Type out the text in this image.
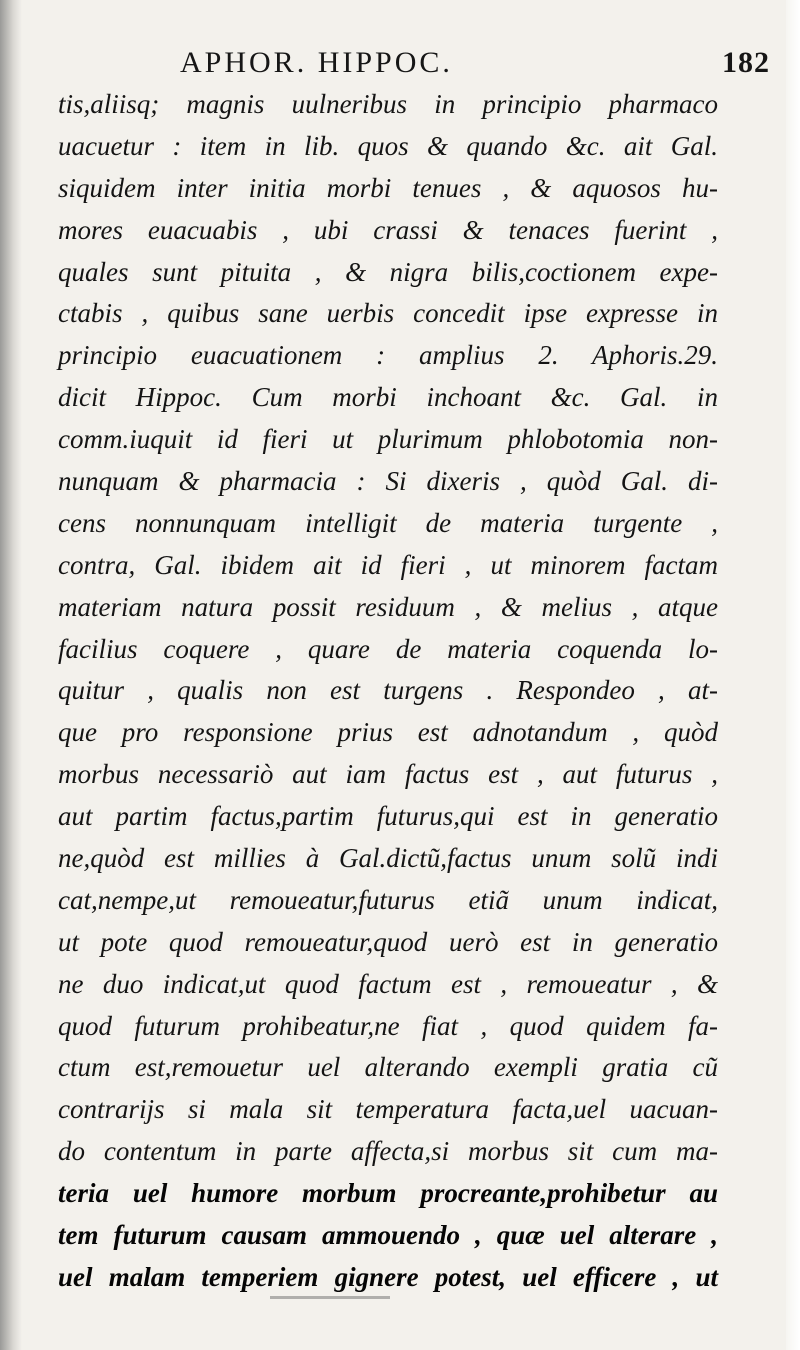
APHOR. HIPPOC.	182
tis,aliisq; magnis uulneribus in principio pharmaco
uacuetur : item in lib. quos & quando &c. ait Gal.
siquidem inter initia morbi tenues , & aquosos hu-
mores euacuabis , ubi crassi & tenaces fuerint ,
quales sunt pituita , & nigra bilis,coctionem expe-
ctabis , quibus sane uerbis concedit ipse expresse in
principio euacuationem : amplius 2. Aphoris.29.
dicit Hippoc. Cum morbi inchoant &c. Gal. in
comm.iuquit id fieri ut plurimum phlobotomia non-
nunquam & pharmacia : Si dixeris , quòd Gal. di-
cens nonnunquam intelligit de materia turgente ,
contra, Gal. ibidem ait id fieri , ut minorem factam
materiam natura possit residuum , & melius , atque
facilius coquere , quare de materia coquenda lo-
quitur , qualis non est turgens . Respondeo , at-
que pro responsione prius est adnotandum , quòd
morbus necessariò aut iam factus est , aut futurus ,
aut partim factus,partim futurus,qui est in generatio
ne,quòd est millies à Gal.dictũ,factus unum solũ indi
cat,nempe,ut remoueatur,futurus etiã unum indicat,
ut pote quod remoueatur,quod uerò est in generatio
ne duo indicat,ut quod factum est , remoueatur , &
quod futurum prohibeatur,ne fiat , quod quidem fa-
ctum est,remouetur uel alterando exempli gratia cũ
contrarijs si mala sit temperatura facta,uel uacuan-
do contentum in parte affecta,si morbus sit cum ma-
teria uel humore morbum procreante,prohibetur au
tem futurum causam ammouendo , quæ uel alterare ,
uel malam temperiem gignere potest, uel efficere , ut
